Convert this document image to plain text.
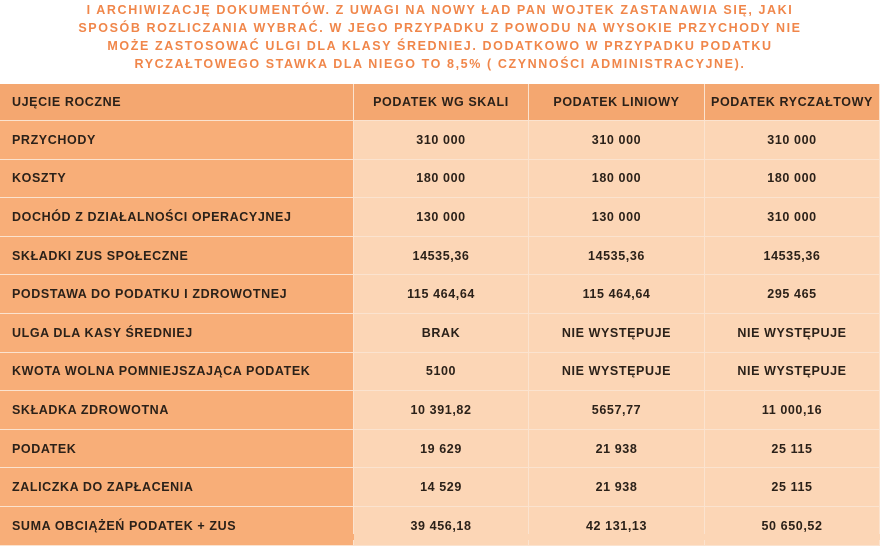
I ARCHIWIZACJĘ DOKUMENTÓW. Z UWAGI NA NOWY ŁAD PAN WOJTEK ZASTANAWIA SIĘ, JAKI
SPOSÓB ROZLICZANIA WYBRAĆ. W JEGO PRZYPADKU Z POWODU NA WYSOKIE PRZYCHODY NIE
MOŻE ZASTOSOWAĆ ULGI DLA KLASY ŚREDNIEJ. DODATKOWO W PRZYPADKU PODATKU
RYCZAŁTOWEGO STAWKA DLA NIEGO TO 8,5% ( CZYNNOŚCI ADMINISTRACYJNE).
UJĘCIE ROCZNE	PODATEK WG SKALI	PODATEK LINIOWY	PODATEK RYCZAŁTOWY
PRZYCHODY	310 000	310 000	310 000
KOSZTY	180 000	180 000	180 000
DOCHÓD Z DZIAŁALNOŚCI OPERACYJNEJ	130 000	130 000	310 000
SKŁADKI ZUS SPOŁECZNE	14535,36	14535,36	14535,36
PODSTAWA DO PODATKU I ZDROWOTNEJ	115 464,64	115 464,64	295 465
ULGA DLA KASY ŚREDNIEJ	BRAK	NIE WYSTĘPUJE	NIE WYSTĘPUJE
KWOTA WOLNA POMNIEJSZAJĄCA PODATEK	5100	NIE WYSTĘPUJE	NIE WYSTĘPUJE
SKŁADKA ZDROWOTNA	10 391,82	5657,77	11 000,16
PODATEK	19 629	21 938	25 115
ZALICZKA DO ZAPŁACENIA	14 529	21 938	25 115
SUMA OBCIĄŻEŃ PODATEK + ZUS	39 456,18	42 131,13	50 650,52
